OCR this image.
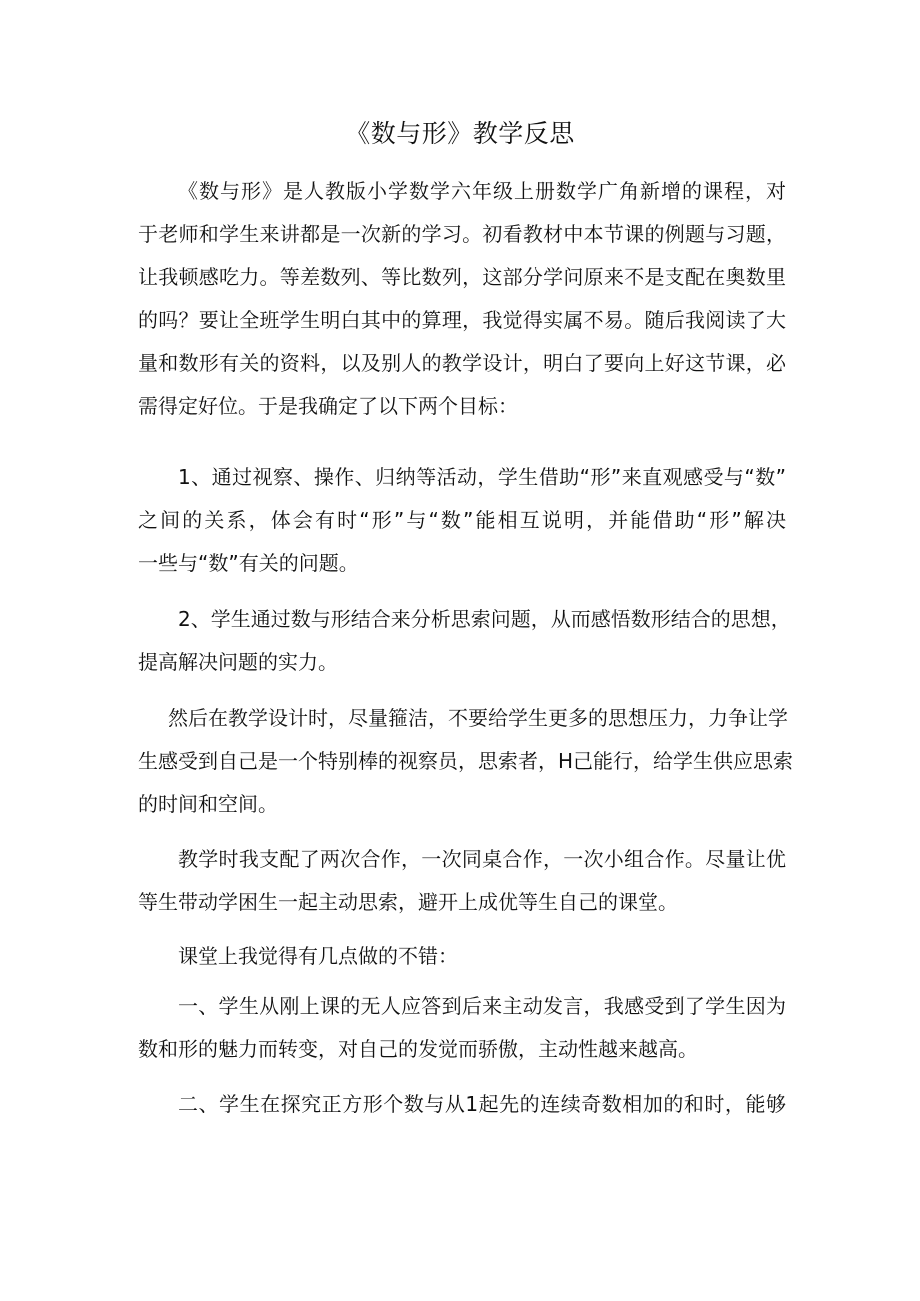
《数与形》教学反思
《数与形》是人教版小学数学六年级上册数学广角新增的课程，对
于老师和学生来讲都是一次新的学习。初看教材中本节课的例题与习题，
让我顿感吃力。等差数列、等比数列，这部分学问原来不是支配在奥数里
的吗？要让全班学生明白其中的算理，我觉得实属不易。随后我阅读了大
量和数形有关的资料，以及别人的教学设计，明白了要向上好这节课，必
需得定好位。于是我确定了以下两个目标：
1、通过视察、操作、归纳等活动，学生借助“形”来直观感受与“数”
之间的关系，体会有时“形”与“数”能相互说明，并能借助“形”解决
一些与“数”有关的问题。
2、学生通过数与形结合来分析思索问题，从而感悟数形结合的思想，
提高解决问题的实力。
然后在教学设计时，尽量箍洁，不要给学生更多的思想压力，力争让学
生感受到自己是一个特别棒的视察员，思索者，H己能行，给学生供应思索
的时间和空间。
教学时我支配了两次合作，一次同桌合作，一次小组合作。尽量让优
等生带动学困生一起主动思索，避开上成优等生自己的课堂。
课堂上我觉得有几点做的不错：
一、学生从刚上课的无人应答到后来主动发言，我感受到了学生因为
数和形的魅力而转变，对自己的发觉而骄傲，主动性越来越高。
二、学生在探究正方形个数与从1起先的连续奇数相加的和时，能够
